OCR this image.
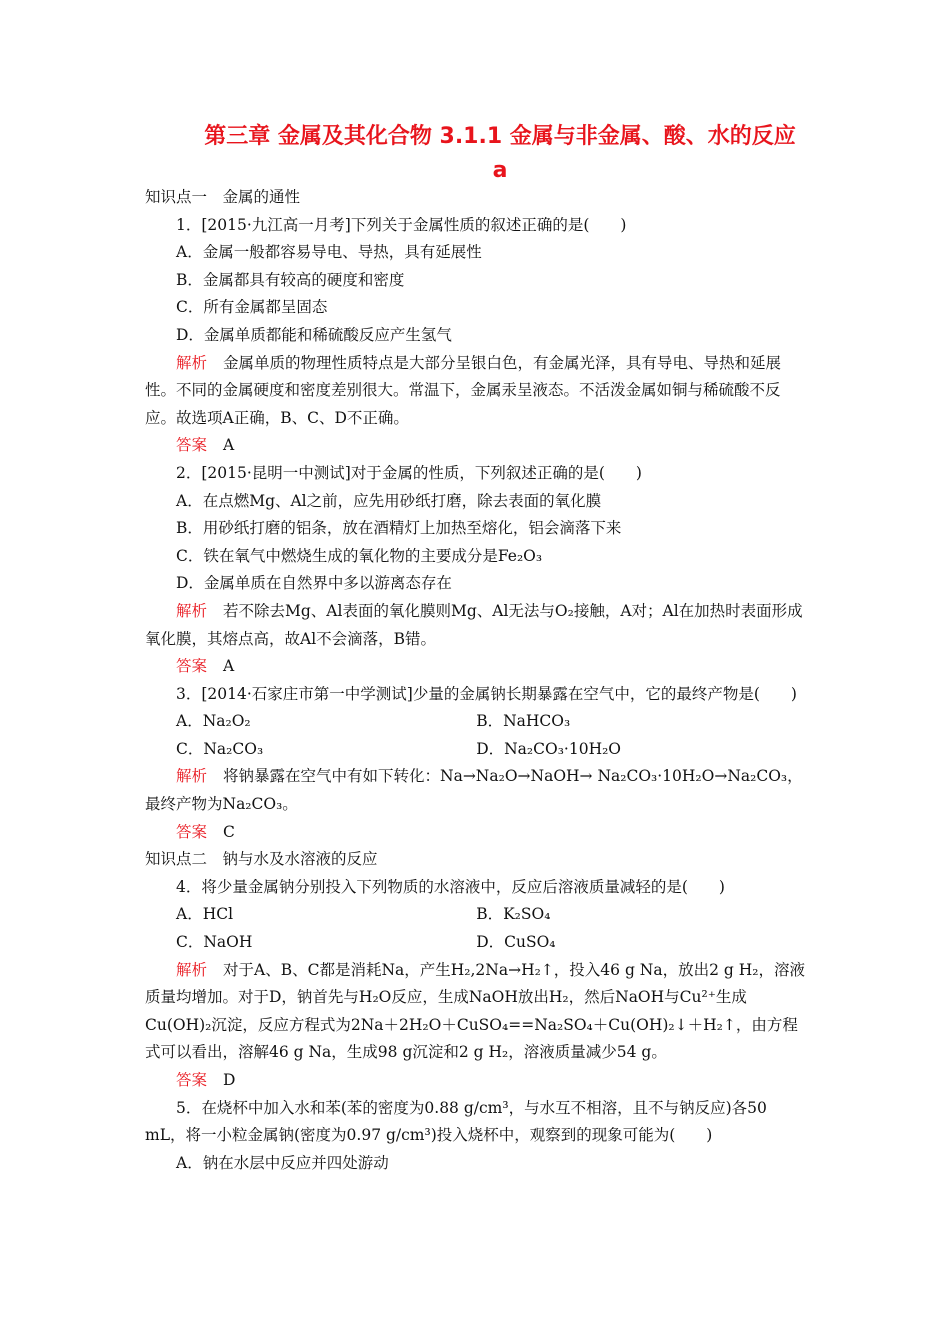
第三章 金属及其化合物 3.1.1 金属与非金属、酸、水的反应
a

知识点一　金属的通性

1．[2015·九江高一月考]下列关于金属性质的叙述正确的是(　　)

A．金属一般都容易导电、导热，具有延展性

B．金属都具有较高的硬度和密度

C．所有金属都呈固态

D．金属单质都能和稀硫酸反应产生氢气

解析 金属单质的物理性质特点是大部分呈银白色，有金属光泽，具有导电、导热和延展性。不同的金属硬度和密度差别很大。常温下，金属汞呈液态。不活泼金属如铜与稀硫酸不反应。故选项A正确，B、C、D不正确。

答案 A

2．[2015·昆明一中测试]对于金属的性质，下列叙述正确的是(　　)

A．在点燃Mg、Al之前，应先用砂纸打磨，除去表面的氧化膜

B．用砂纸打磨的铝条，放在酒精灯上加热至熔化，铝会滴落下来

C．铁在氧气中燃烧生成的氧化物的主要成分是Fe₂O₃

D．金属单质在自然界中多以游离态存在

解析 若不除去Mg、Al表面的氧化膜则Mg、Al无法与O₂接触，A对；Al在加热时表面形成氧化膜，其熔点高，故Al不会滴落，B错。

答案 A

3．[2014·石家庄市第一中学测试]少量的金属钠长期暴露在空气中，它的最终产物是(　　)

A．Na₂O₂	B．NaHCO₃
C．Na₂CO₃	D．Na₂CO₃·10H₂O

解析 将钠暴露在空气中有如下转化：Na→Na₂O→NaOH→ Na₂CO₃·10H₂O→Na₂CO₃，最终产物为Na₂CO₃。

答案 C

知识点二　钠与水及水溶液的反应

4．将少量金属钠分别投入下列物质的水溶液中，反应后溶液质量减轻的是(　　)

A．HCl	B．K₂SO₄
C．NaOH	D．CuSO₄

解析 对于A、B、C都是消耗Na，产生H₂,2Na→H₂↑，投入46 g Na，放出2 g H₂，溶液质量均增加。对于D，钠首先与H₂O反应，生成NaOH放出H₂，然后NaOH与Cu²⁺生成Cu(OH)₂沉淀，反应方程式为2Na＋2H₂O＋CuSO₄==Na₂SO₄＋Cu(OH)₂↓＋H₂↑，由方程式可以看出，溶解46 g Na，生成98 g沉淀和2 g H₂，溶液质量减少54 g。

答案 D

5．在烧杯中加入水和苯(苯的密度为0.88 g/cm³，与水互不相溶，且不与钠反应)各50 mL，将一小粒金属钠(密度为0.97 g/cm³)投入烧杯中，观察到的现象可能为(　　)

A．钠在水层中反应并四处游动
